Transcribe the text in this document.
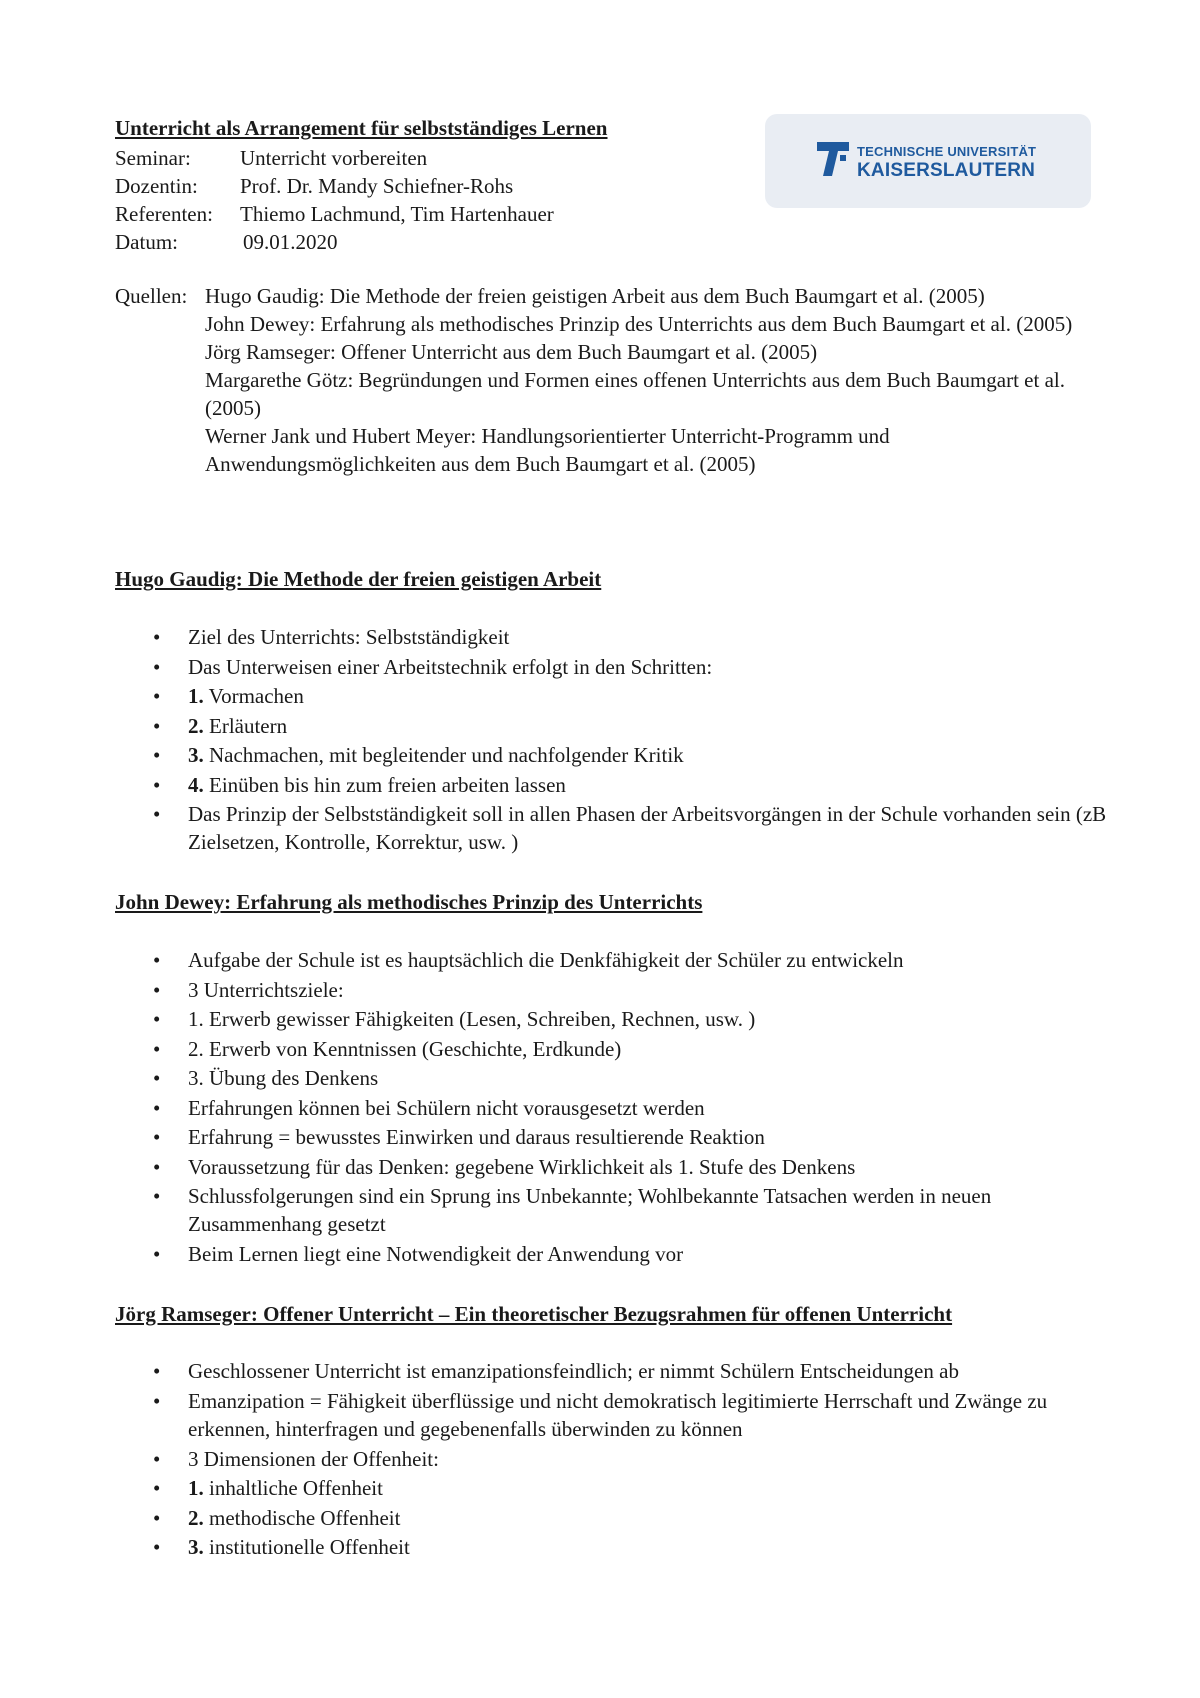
Unterricht als Arrangement für selbstständiges Lernen
Seminar:	Unterricht vorbereiten
Dozentin:	Prof. Dr. Mandy Schiefner-Rohs
Referenten:	Thiemo Lachmund, Tim Hartenhauer
Datum:	09.01.2020
TECHNISCHE UNIVERSITÄT
KAISERSLAUTERN
Quellen: Hugo Gaudig: Die Methode der freien geistigen Arbeit aus dem Buch Baumgart et al. (2005)
John Dewey: Erfahrung als methodisches Prinzip des Unterrichts aus dem Buch Baumgart et al. (2005)
Jörg Ramseger: Offener Unterricht aus dem Buch Baumgart et al. (2005)
Margarethe Götz: Begründungen und Formen eines offenen Unterrichts aus dem Buch Baumgart et al. (2005)
Werner Jank und Hubert Meyer: Handlungsorientierter Unterricht-Programm und Anwendungsmöglichkeiten aus dem Buch Baumgart et al. (2005)
Hugo Gaudig: Die Methode der freien geistigen Arbeit
• Ziel des Unterrichts: Selbstständigkeit
• Das Unterweisen einer Arbeitstechnik erfolgt in den Schritten:
• 1. Vormachen
• 2. Erläutern
• 3. Nachmachen, mit begleitender und nachfolgender Kritik
• 4. Einüben bis hin zum freien arbeiten lassen
• Das Prinzip der Selbstständigkeit soll in allen Phasen der Arbeitsvorgängen in der Schule vorhanden sein (zB Zielsetzen, Kontrolle, Korrektur, usw. )
John Dewey: Erfahrung als methodisches Prinzip des Unterrichts
• Aufgabe der Schule ist es hauptsächlich die Denkfähigkeit der Schüler zu entwickeln
• 3 Unterrichtsziele:
• 1. Erwerb gewisser Fähigkeiten (Lesen, Schreiben, Rechnen, usw. )
• 2. Erwerb von Kenntnissen (Geschichte, Erdkunde)
• 3. Übung des Denkens
• Erfahrungen können bei Schülern nicht vorausgesetzt werden
• Erfahrung = bewusstes Einwirken und daraus resultierende Reaktion
• Voraussetzung für das Denken: gegebene Wirklichkeit als 1. Stufe des Denkens
• Schlussfolgerungen sind ein Sprung ins Unbekannte; Wohlbekannte Tatsachen werden in neuen Zusammenhang gesetzt
• Beim Lernen liegt eine Notwendigkeit der Anwendung vor
Jörg Ramseger: Offener Unterricht – Ein theoretischer Bezugsrahmen für offenen Unterricht
• Geschlossener Unterricht ist emanzipationsfeindlich; er nimmt Schülern Entscheidungen ab
• Emanzipation = Fähigkeit überflüssige und nicht demokratisch legitimierte Herrschaft und Zwänge zu erkennen, hinterfragen und gegebenenfalls überwinden zu können
• 3 Dimensionen der Offenheit:
• 1. inhaltliche Offenheit
• 2. methodische Offenheit
• 3. institutionelle Offenheit
